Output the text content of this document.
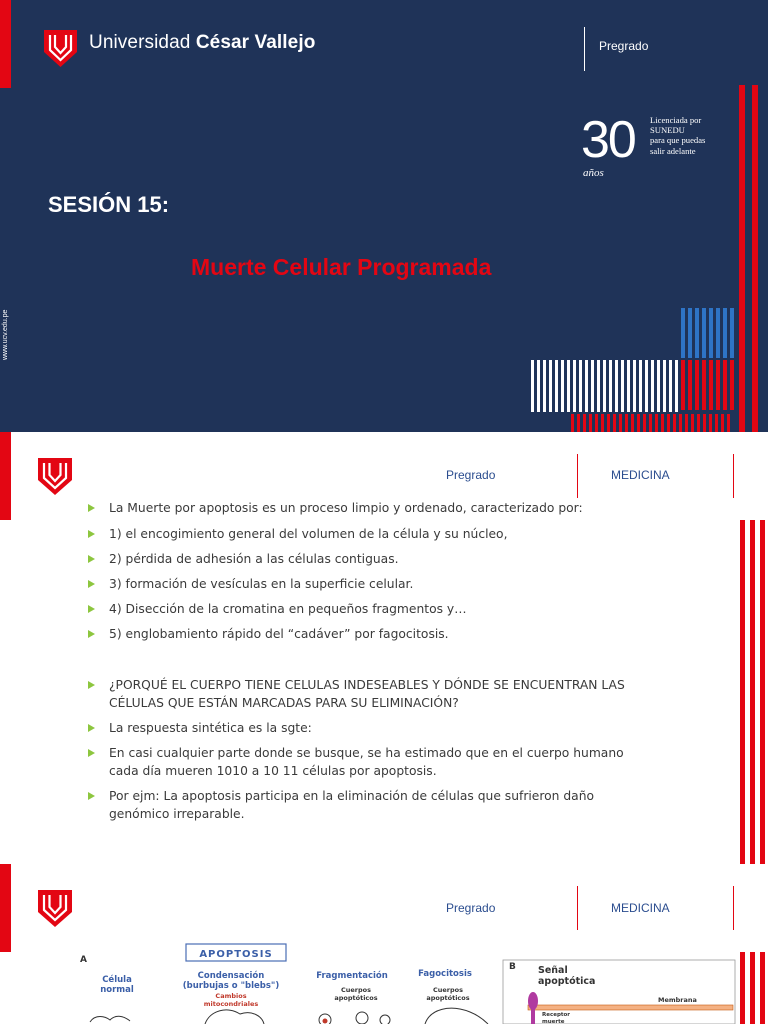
Universidad César Vallejo	Pregrado
30
años
Licenciada por
SUNEDU
para que puedas
salir adelante
SESIÓN 15:
Muerte Celular Programada
www.ucv.edu.pe
Pregrado	MEDICINA
La Muerte por apoptosis es un proceso limpio y ordenado, caracterizado por:
1) el encogimiento general del volumen de la célula y su núcleo,
2) pérdida de adhesión a las células contiguas.
3) formación de vesículas en la superficie celular.
4) Disección de la cromatina en pequeños fragmentos y…
5) englobamiento rápido del “cadáver” por fagocitosis.
¿PORQUÉ EL CUERPO TIENE CELULAS INDESEABLES Y DÓNDE SE ENCUENTRAN LAS CÉLULAS QUE ESTÁN MARCADAS PARA SU ELIMINACIÓN?
La respuesta sintética es la sgte:
En casi cualquier parte donde se busque, se ha estimado que en el cuerpo humano cada día mueren 1010 a 10 11 células por apoptosis.
Por ejm: La apoptosis participa en la eliminación de células que sufrieron daño genómico irreparable.
Pregrado	MEDICINA
A	APOPTOSIS
Célula
normal
Condensación
(burbujas o "blebs")
Cambios
mitocondriales
Fragmentación
Cuerpos
apoptóticos
Fagocitosis
Cuerpos
apoptóticos
B Señal
apoptótica
Membrana
Receptor
muerte
